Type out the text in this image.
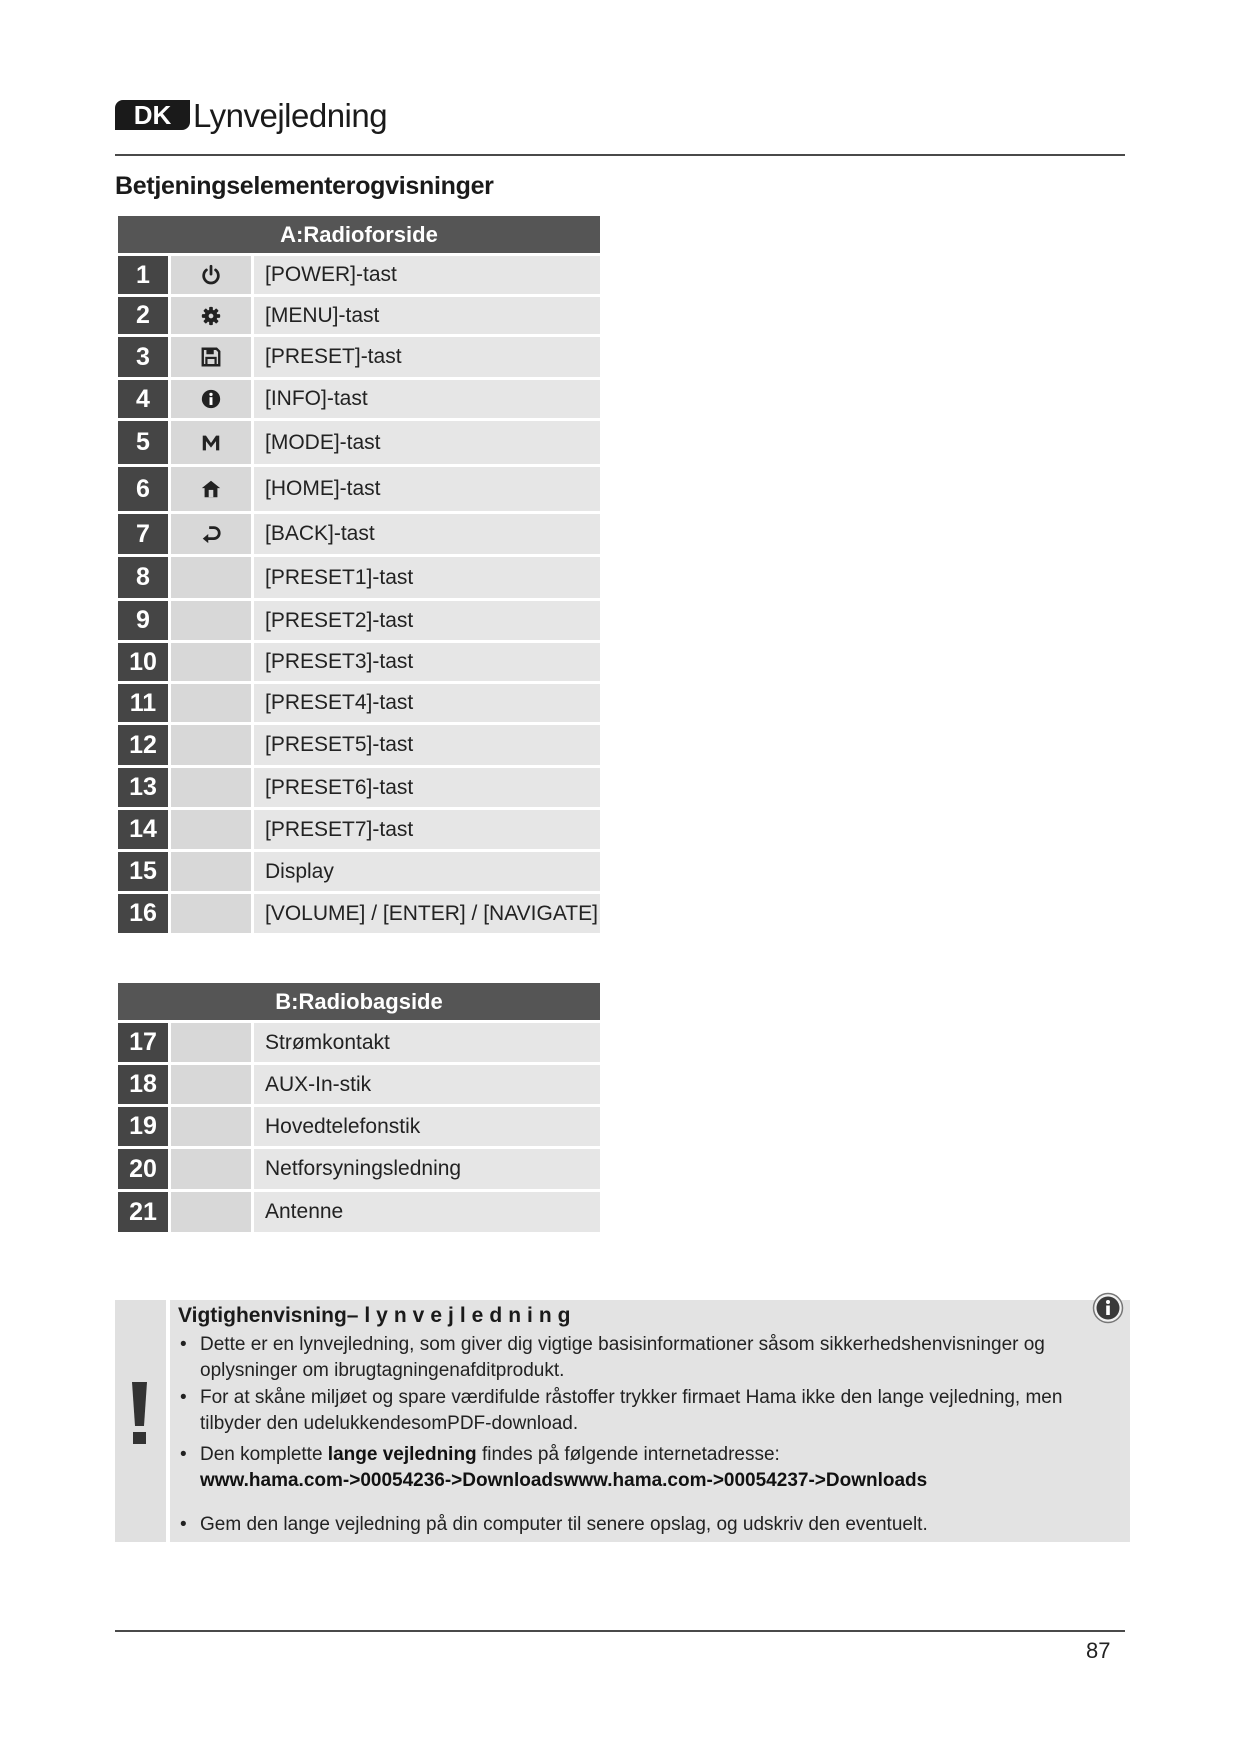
DK Lynvejledning
Betjeningselementerogvisninger
A:Radioforside
1	[POWER]-tast
2	[MENU]-tast
3	[PRESET]-tast
4	[INFO]-tast
5	[MODE]-tast
6	[HOME]-tast
7	[BACK]-tast
8	[PRESET1]-tast
9	[PRESET2]-tast
10	[PRESET3]-tast
11	[PRESET4]-tast
12	[PRESET5]-tast
13	[PRESET6]-tast
14	[PRESET7]-tast
15	Display
16	[VOLUME] / [ENTER] / [NAVIGATE]
B:Radiobagside
17	Strømkontakt
18	AUX-In-stik
19	Hovedtelefonstik
20	Netforsyningsledning
21	Antenne
Vigtighenvisning– lynvejledning
• Dette er en lynvejledning, som giver dig vigtige basisinformationer såsom sikkerhedshenvisninger og oplysninger om ibrugtagningenafditprodukt.
• For at skåne miljøet og spare værdifulde råstoffer trykker firmaet Hama ikke den lange vejledning, men tilbyder den udelukkendesomPDF-download.
• Den komplette lange vejledning findes på følgende internetadresse:
www.hama.com->00054236->Downloadswww.hama.com->00054237->Downloads
• Gem den lange vejledning på din computer til senere opslag, og udskriv den eventuelt.
87
